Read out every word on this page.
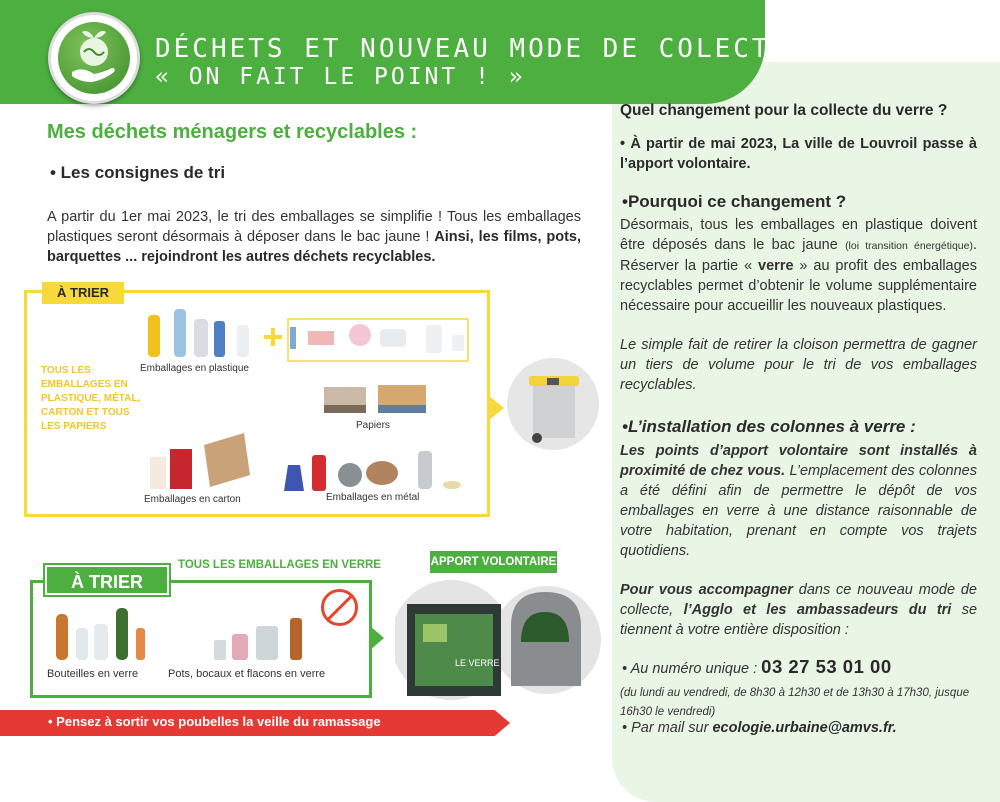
DÉCHETS ET NOUVEAU MODE DE COLECTE :
« ON FAIT LE POINT ! »
Mes déchets ménagers et recyclables :
• Les consignes de tri

A partir du 1er mai 2023, le tri des emballages se simplifie ! Tous les emballages plastiques seront désormais à déposer dans le bac jaune ! Ainsi, les films, pots, barquettes ... rejoindront les autres déchets recyclables.

À TRIER
TOUS LES EMBALLAGES EN PLASTIQUE, MÉTAL, CARTON ET TOUS LES PAPIERS
Emballages en plastique
Papiers
Emballages en carton	Emballages en métal
À TRIER
TOUS LES EMBALLAGES EN VERRE
Bouteilles en verre	Pots, bocaux et flacons en verre
APPORT VOLONTAIRE
LE VERRE
• Pensez à sortir vos poubelles la veille du ramassage
Quel changement pour la collecte du verre ?

• À partir de mai 2023, La ville de Louvroil passe à l’apport volontaire.

•Pourquoi ce changement ?

Désormais, tous les emballages en plastique doivent être déposés dans le bac jaune (loi transition énergétique). Réserver la partie « verre » au profit des emballages recyclables permet d’obtenir le volume supplémentaire nécessaire pour accueillir les nouveaux plastiques.

Le simple fait de retirer la cloison permettra de gagner un tiers de volume pour le tri de vos emballages recyclables.

•L’installation des colonnes à verre :

Les points d’apport volontaire sont installés à proximité de chez vous. L’emplacement des colonnes a été défini afin de permettre le dépôt de vos emballages en verre à une distance raisonnable de votre habitation, prenant en compte vos trajets quotidiens.

Pour vous accompagner dans ce nouveau mode de collecte, l’Agglo et les ambassadeurs du tri se tiennent à votre entière disposition :

• Au numéro unique : 03 27 53 01 00

(du lundi au vendredi, de 8h30 à 12h30 et de 13h30 à 17h30, jusque 16h30 le vendredi)

• Par mail sur ecologie.urbaine@amvs.fr.
